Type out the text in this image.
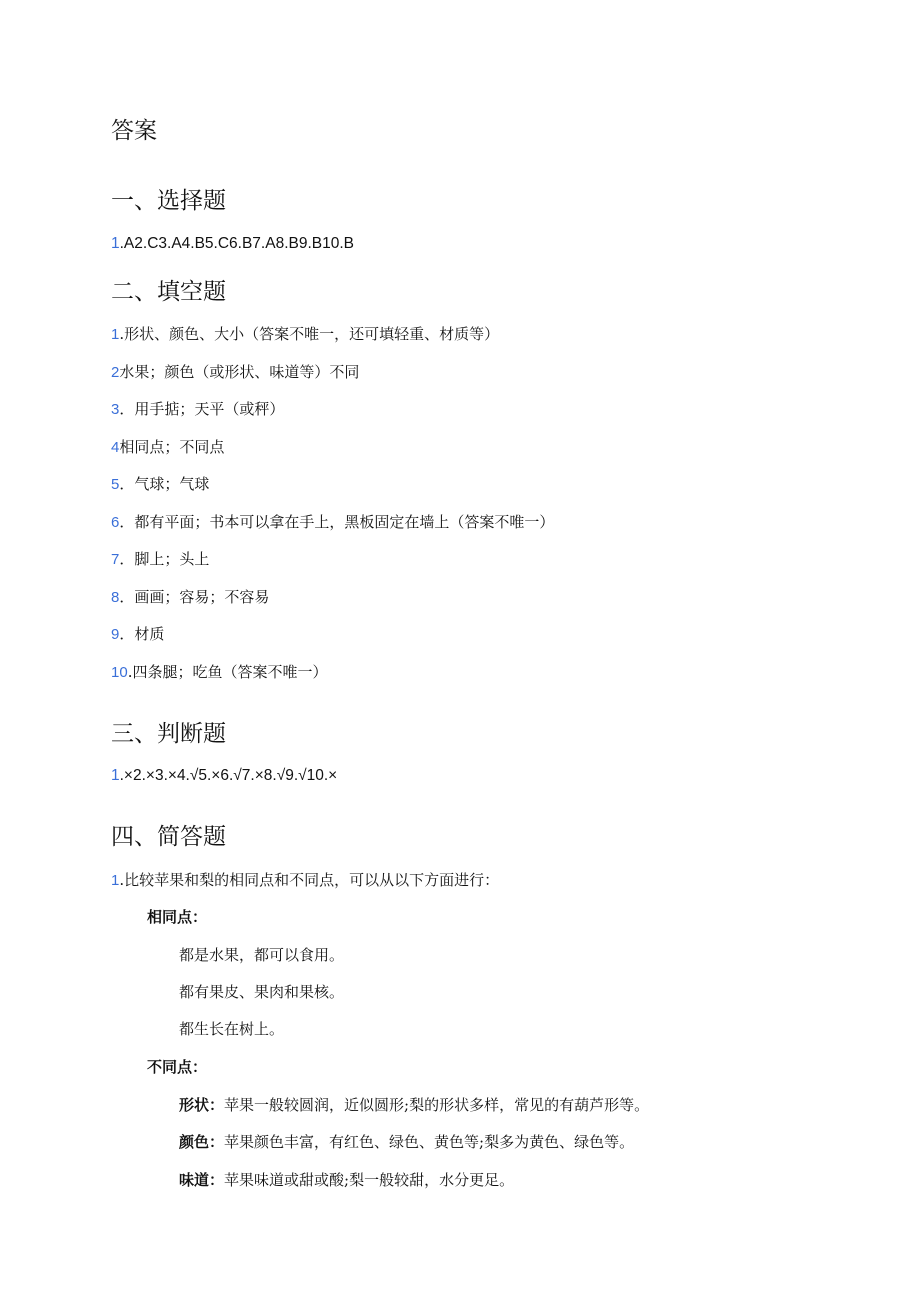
答案
一、选择题
1.A2.C3.A4.B5.C6.B7.A8.B9.B10.B
二、填空题
1.形状、颜色、大小（答案不唯一，还可填轻重、材质等）
2水果；颜色（或形状、味道等）不同
3．用手掂；天平（或秤）
4相同点；不同点
5．气球；气球
6．都有平面；书本可以拿在手上，黑板固定在墙上（答案不唯一）
7．脚上；头上
8．画画；容易；不容易
9．材质
10.四条腿；吃鱼（答案不唯一）
三、判断题
1.×2.×3.×4.√5.×6.√7.×8.√9.√10.×
四、简答题
1.比较苹果和梨的相同点和不同点，可以从以下方面进行：
相同点：
都是水果，都可以食用。
都有果皮、果肉和果核。
都生长在树上。
不同点：
形状：苹果一般较圆润，近似圆形;梨的形状多样，常见的有葫芦形等。
颜色：苹果颜色丰富，有红色、绿色、黄色等;梨多为黄色、绿色等。
味道：苹果味道或甜或酸;梨一般较甜，水分更足。
